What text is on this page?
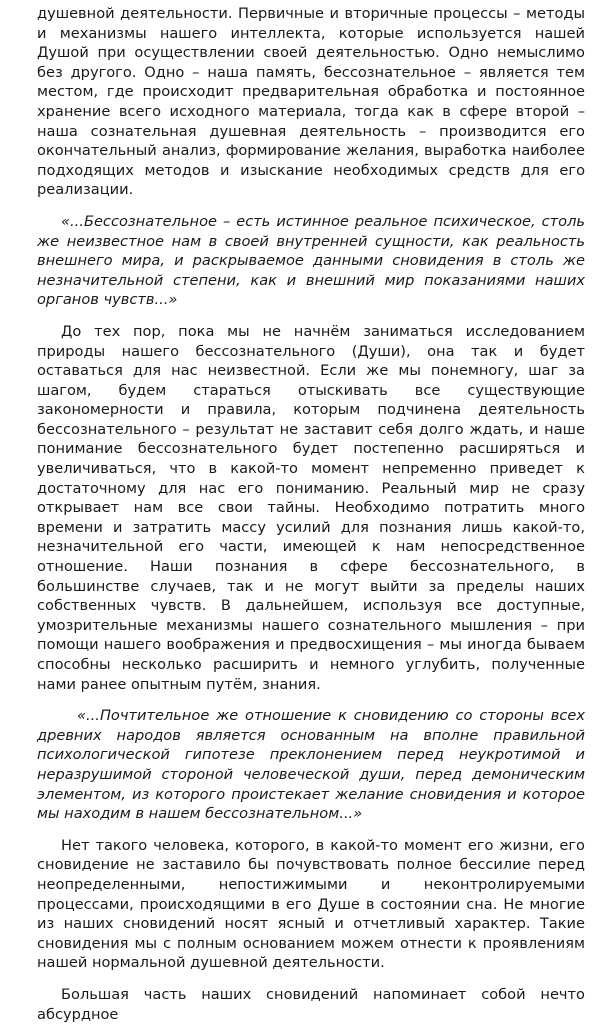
душевной деятельности. Первичные и вторичные процессы – методы и механизмы нашего интеллекта, которые используется нашей Душой при осуществлении своей деятельностью. Одно немыслимо без другого. Одно – наша память, бессознательное – является тем местом, где происходит предварительная обработка и постоянное хранение всего исходного материала, тогда как в сфере второй – наша сознательная душевная деятельность – производится его окончательный анализ, формирование желания, выработка наиболее подходящих методов и изыскание необходимых средств для его реализации.

«...Бессознательное – есть истинное реальное психическое, столь же неизвестное нам в своей внутренней сущности, как реальность внешнего мира, и раскрываемое данными сновидения в столь же незначительной степени, как и внешний мир показаниями наших органов чувств...»

До тех пор, пока мы не начнём заниматься исследованием природы нашего бессознательного (Души), она так и будет оставаться для нас неизвестной. Если же мы понемногу, шаг за шагом, будем стараться отыскивать все существующие закономерности и правила, которым подчинена деятельность бессознательного – результат не заставит себя долго ждать, и наше понимание бессознательного будет постепенно расширяться и увеличиваться, что в какой-то момент непременно приведет к достаточному для нас его пониманию. Реальный мир не сразу открывает нам все свои тайны. Необходимо потратить много времени и затратить массу усилий для познания лишь какой-то, незначительной его части, имеющей к нам непосредственное отношение. Наши познания в сфере бессознательного, в большинстве случаев, так и не могут выйти за пределы наших собственных чувств. В дальнейшем, используя все доступные, умозрительные механизмы нашего сознательного мышления – при помощи нашего воображения и предвосхищения – мы иногда бываем способны несколько расширить и немного углубить, полученные нами ранее опытным путём, знания.

«...Почтительное же отношение к сновидению со стороны всех древних народов является основанным на вполне правильной психологической гипотезе преклонением перед неукротимой и неразрушимой стороной человеческой души, перед демоническим элементом, из которого проистекает желание сновидения и которое мы находим в нашем бессознательном...»

Нет такого человека, которого, в какой-то момент его жизни, его сновидение не заставило бы почувствовать полное бессилие перед неопределенными, непостижимыми и неконтролируемыми процессами, происходящими в его Душе в состоянии сна. Не многие из наших сновидений носят ясный и отчетливый характер. Такие сновидения мы с полным основанием можем отнести к проявлениям нашей нормальной душевной деятельности.

Большая часть наших сновидений напоминает собой нечто абсурдное
